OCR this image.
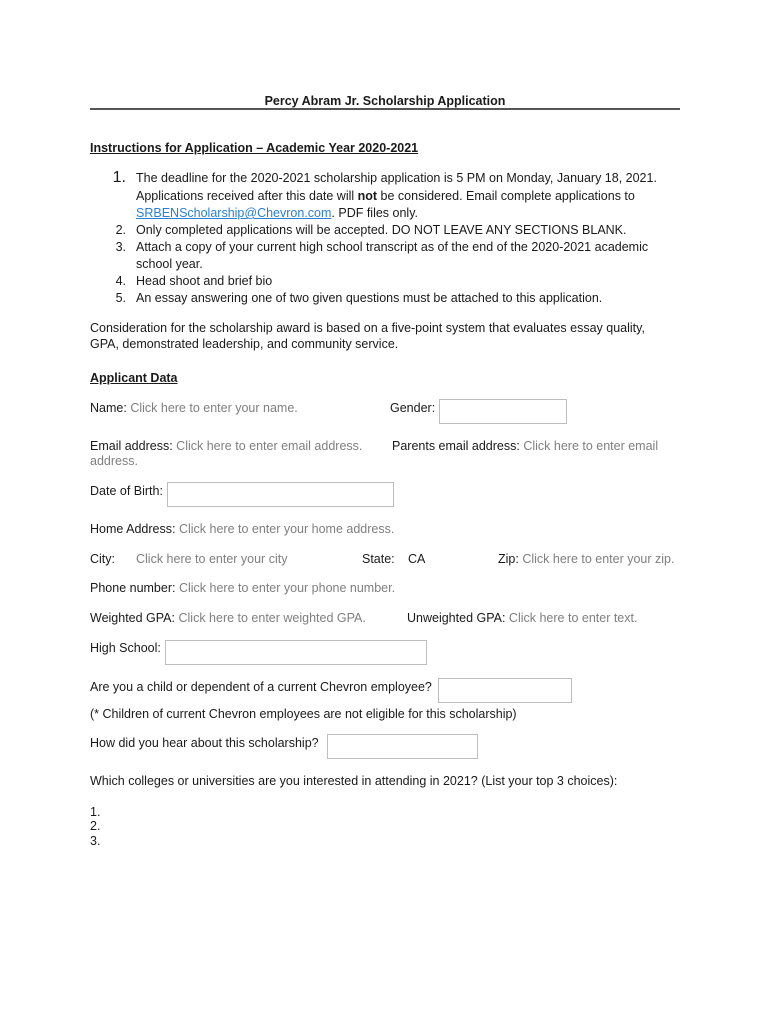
Percy Abram Jr. Scholarship Application
Instructions for Application – Academic Year 2020-2021
1. The deadline for the 2020-2021 scholarship application is 5 PM on Monday, January 18, 2021.
Applications received after this date will not be considered. Email complete applications to
SRBENScholarship@Chevron.com. PDF files only.
2. Only completed applications will be accepted. DO NOT LEAVE ANY SECTIONS BLANK.
3. Attach a copy of your current high school transcript as of the end of the 2020-2021 academic
school year.
4. Head shoot and brief bio
5. An essay answering one of two given questions must be attached to this application.
Consideration for the scholarship award is based on a five-point system that evaluates essay quality,
GPA, demonstrated leadership, and community service.
Applicant Data
Name: Click here to enter your name.	Gender:
Email address: Click here to enter email address. Parents email address: Click here to enter email
address.
Date of Birth:
Home Address: Click here to enter your home address.
City: Click here to enter your city	State: CA	Zip: Click here to enter your zip.
Phone number: Click here to enter your phone number.
Weighted GPA: Click here to enter weighted GPA.	Unweighted GPA: Click here to enter text.
High School:
Are you a child or dependent of a current Chevron employee?
(* Children of current Chevron employees are not eligible for this scholarship)
How did you hear about this scholarship?
Which colleges or universities are you interested in attending in 2021? (List your top 3 choices):
1.
2.
3.
